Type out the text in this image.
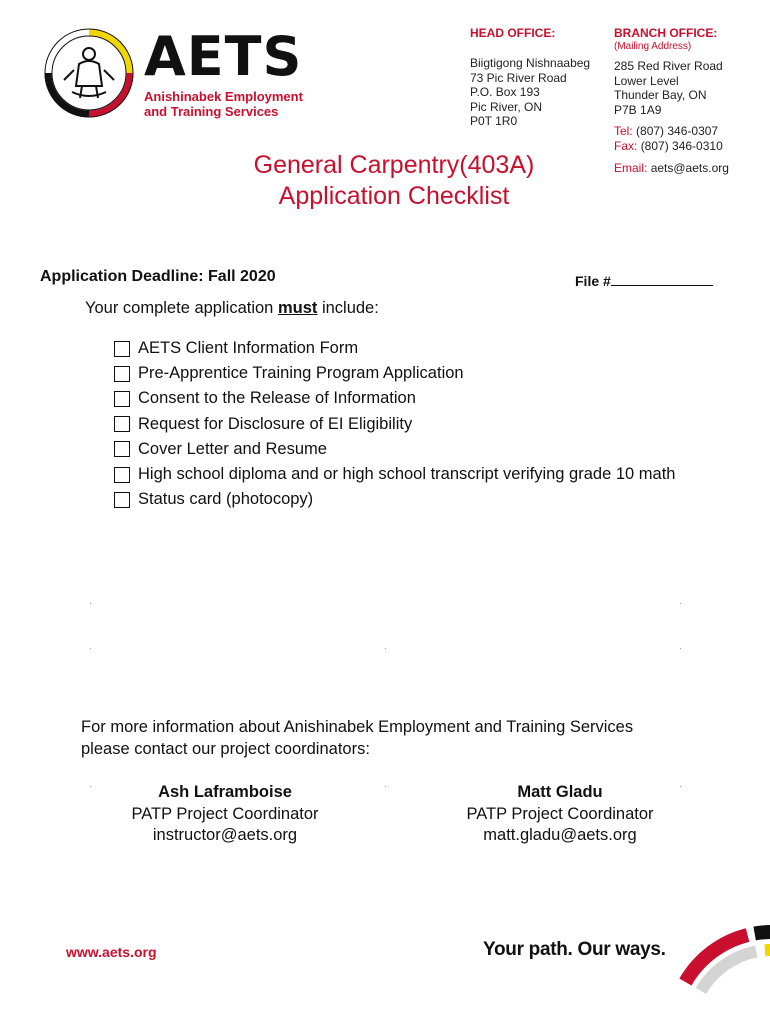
AETS
Anishinabek Employment
and Training Services
HEAD OFFICE:
Biigtigong Nishnaabeg
73 Pic River Road
P.O. Box 193
Pic River, ON
P0T 1R0
BRANCH OFFICE:
(Mailing Address)
285 Red River Road
Lower Level
Thunder Bay, ON
P7B 1A9
Tel: (807) 346-0307
Fax: (807) 346-0310
Email: aets@aets.org
General Carpentry(403A)
Application Checklist
Application Deadline: Fall 2020	File #
Your complete application must include:
AETS Client Information Form
Pre-Apprentice Training Program Application
Consent to the Release of Information
Request for Disclosure of EI Eligibility
Cover Letter and Resume
High school diploma and or high school transcript verifying grade 10 math
Status card (photocopy)
For more information about Anishinabek Employment and Training Services
please contact our project coordinators:
Ash Laframboise
PATP Project Coordinator
instructor@aets.org
Matt Gladu
PATP Project Coordinator
matt.gladu@aets.org
www.aets.org	Your path. Our ways.
